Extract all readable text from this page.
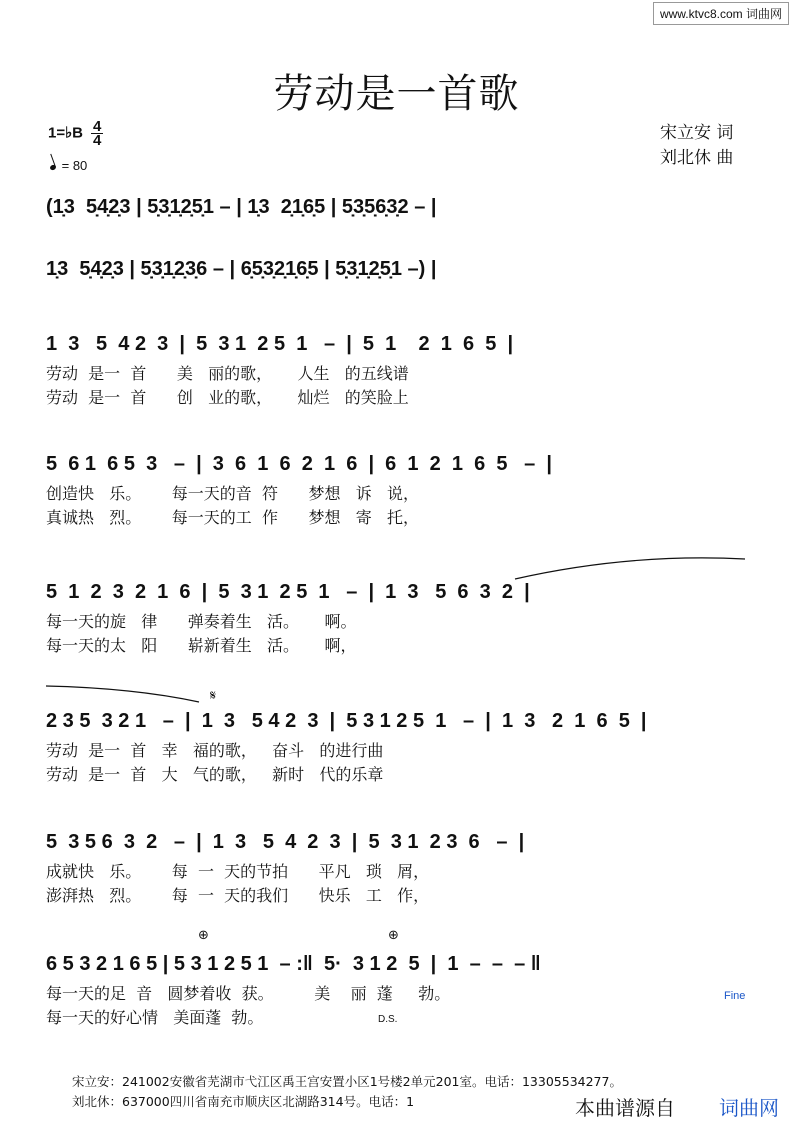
www.ktvc8.com 词曲网
劳动是一首歌
宋立安 词
刘北休 曲
1=♭B $\frac{4}{4}$
= 80
(1̣3  5̣4̣2̣3 | 5̣3̣1̣2̣5̣1 – | 1̣3  2̣1̣6̣5 | 5̣3̣5̣6̣3̣2 – |
1̣3  5̣4̣2̣3 | 5̣3̣1̣2̣3̣6 – | 6̣5̣3̣2̣1̣6̣5 | 5̣3̣1̣2̣5̣1 –) |
1  3   5  4 2  3  |  5  3 1  2 5  1   –  |  5  1    2  1  6  5  |
劳动  是一  首      美   丽的歌，     人生   的五线谱
劳动  是一  首      创   业的歌，     灿烂   的笑脸上
5  6 1  6 5  3   –  |  3  6  1  6  2  1  6  |  6  1  2  1  6  5   –  |
创造快   乐。      每一天的音  符      梦想   诉   说，
真诚热   烈。      每一天的工  作      梦想   寄   托，
5  1  2  3  2  1  6  |  5  3 1  2 5  1   –  |  1  3   5  6  3  2  |
每一天的旋   律      弹奏着生   活。     啊。
每一天的太   阳      崭新着生   活。     啊，
2 3 5  3 2 1   –  |  1  3   5 4 2  3  |  5 3 1 2 5  1   –  |  1  3   2  1  6  5  |
劳动  是一  首   幸   福的歌，   奋斗   的进行曲
劳动  是一  首   大   气的歌，   新时   代的乐章
5  3 5 6  3  2   –  |  1  3   5  4  2  3  |  5  3 1  2 3  6   –  |
成就快   乐。      每  一  天的节拍      平凡   琐   屑，
澎湃热   烈。      每  一  天的我们      快乐   工   作，
6 5 3 2 1 6 5 | 5 3 1 2 5 1  – :‖  5·  3 1 2  5  |  1  –  –  – ‖
每一天的足  音   圆梦着收  获。        美    丽  蓬     勃。
每一天的好心情   美面蓬  勃。
𝄋
⊕	⊕
Fine
D.S.
宋立安：241002安徽省芜湖市弋江区禹王宫安置小区1号楼2单元201室。电话：13305534277。
刘北休：637000四川省南充市顺庆区北湖路314号。电话：1	本曲谱源自 词曲网
